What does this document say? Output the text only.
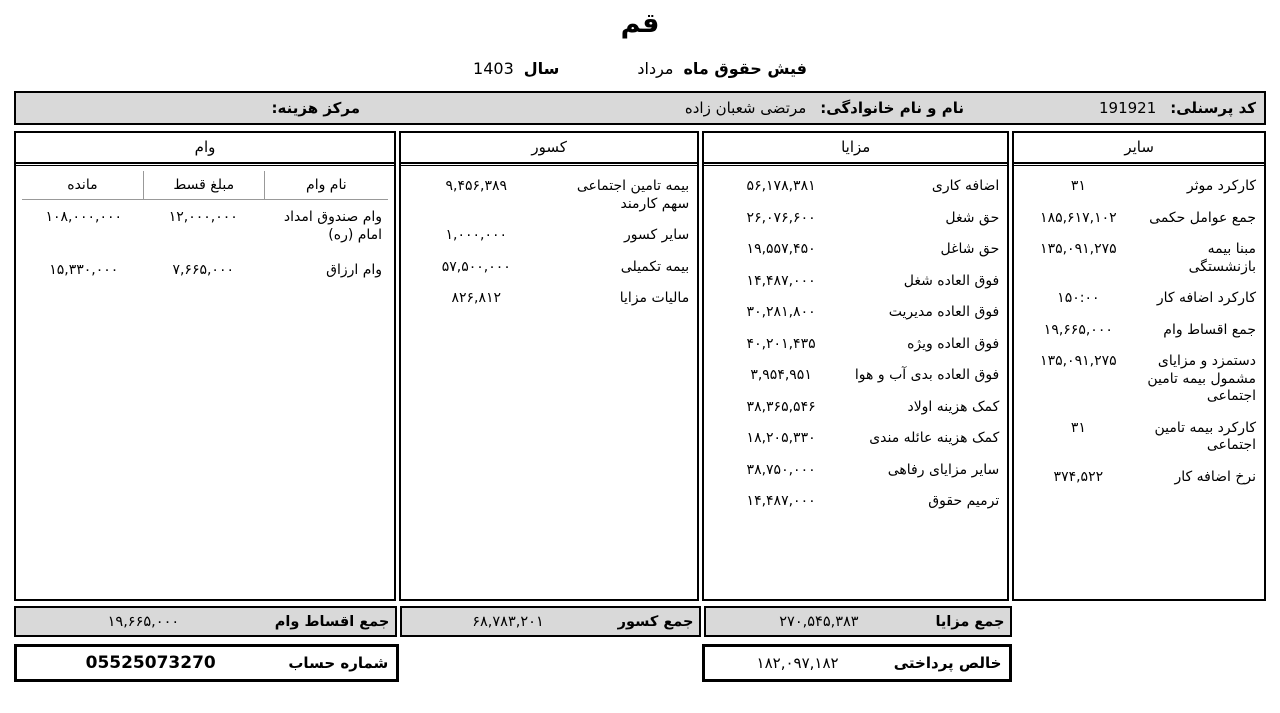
قم
فیش حقوق ماه
مرداد
سال
1403
کد پرسنلی:
191921
نام و نام خانوادگی:
مرتضی شعبان زاده
مرکز هزینه:
سایر
کارکرد موثر
۳۱
جمع عوامل حکمی
۱۸۵,۶۱۷,۱۰۲
مبنا بیمه بازنشستگی
۱۳۵,۰۹۱,۲۷۵
کارکرد اضافه کار
۱۵۰:۰۰
جمع اقساط وام
۱۹,۶۶۵,۰۰۰
دستمزد و مزایای مشمول بیمه تامین اجتماعی
۱۳۵,۰۹۱,۲۷۵
کارکرد بیمه تامین اجتماعی
۳۱
نرخ اضافه کار
۳۷۴,۵۲۲
مزایا
اضافه کاری
۵۶,۱۷۸,۳۸۱
حق شغل
۲۶,۰۷۶,۶۰۰
حق شاغل
۱۹,۵۵۷,۴۵۰
فوق العاده شغل
۱۴,۴۸۷,۰۰۰
فوق العاده مدیریت
۳۰,۲۸۱,۸۰۰
فوق العاده ویژه
۴۰,۲۰۱,۴۳۵
فوق العاده بدی آب و هوا
۳,۹۵۴,۹۵۱
کمک هزینه اولاد
۳۸,۳۶۵,۵۴۶
کمک هزینه عائله مندی
۱۸,۲۰۵,۳۳۰
سایر مزایای رفاهی
۳۸,۷۵۰,۰۰۰
ترمیم حقوق
۱۴,۴۸۷,۰۰۰
کسور
بیمه تامین اجتماعی سهم کارمند
۹,۴۵۶,۳۸۹
سایر کسور
۱,۰۰۰,۰۰۰
بیمه تکمیلی
۵۷,۵۰۰,۰۰۰
مالیات مزایا
۸۲۶,۸۱۲
وام
نام وام
مبلغ قسط
مانده
وام صندوق امداد امام (ره)
۱۲,۰۰۰,۰۰۰
۱۰۸,۰۰۰,۰۰۰
وام ارزاق
۷,۶۶۵,۰۰۰
۱۵,۳۳۰,۰۰۰
جمع مزایا
۲۷۰,۵۴۵,۳۸۳
جمع کسور
۶۸,۷۸۳,۲۰۱
جمع اقساط وام
۱۹,۶۶۵,۰۰۰
خالص پرداختی
۱۸۲,۰۹۷,۱۸۲
شماره حساب
05525073270
